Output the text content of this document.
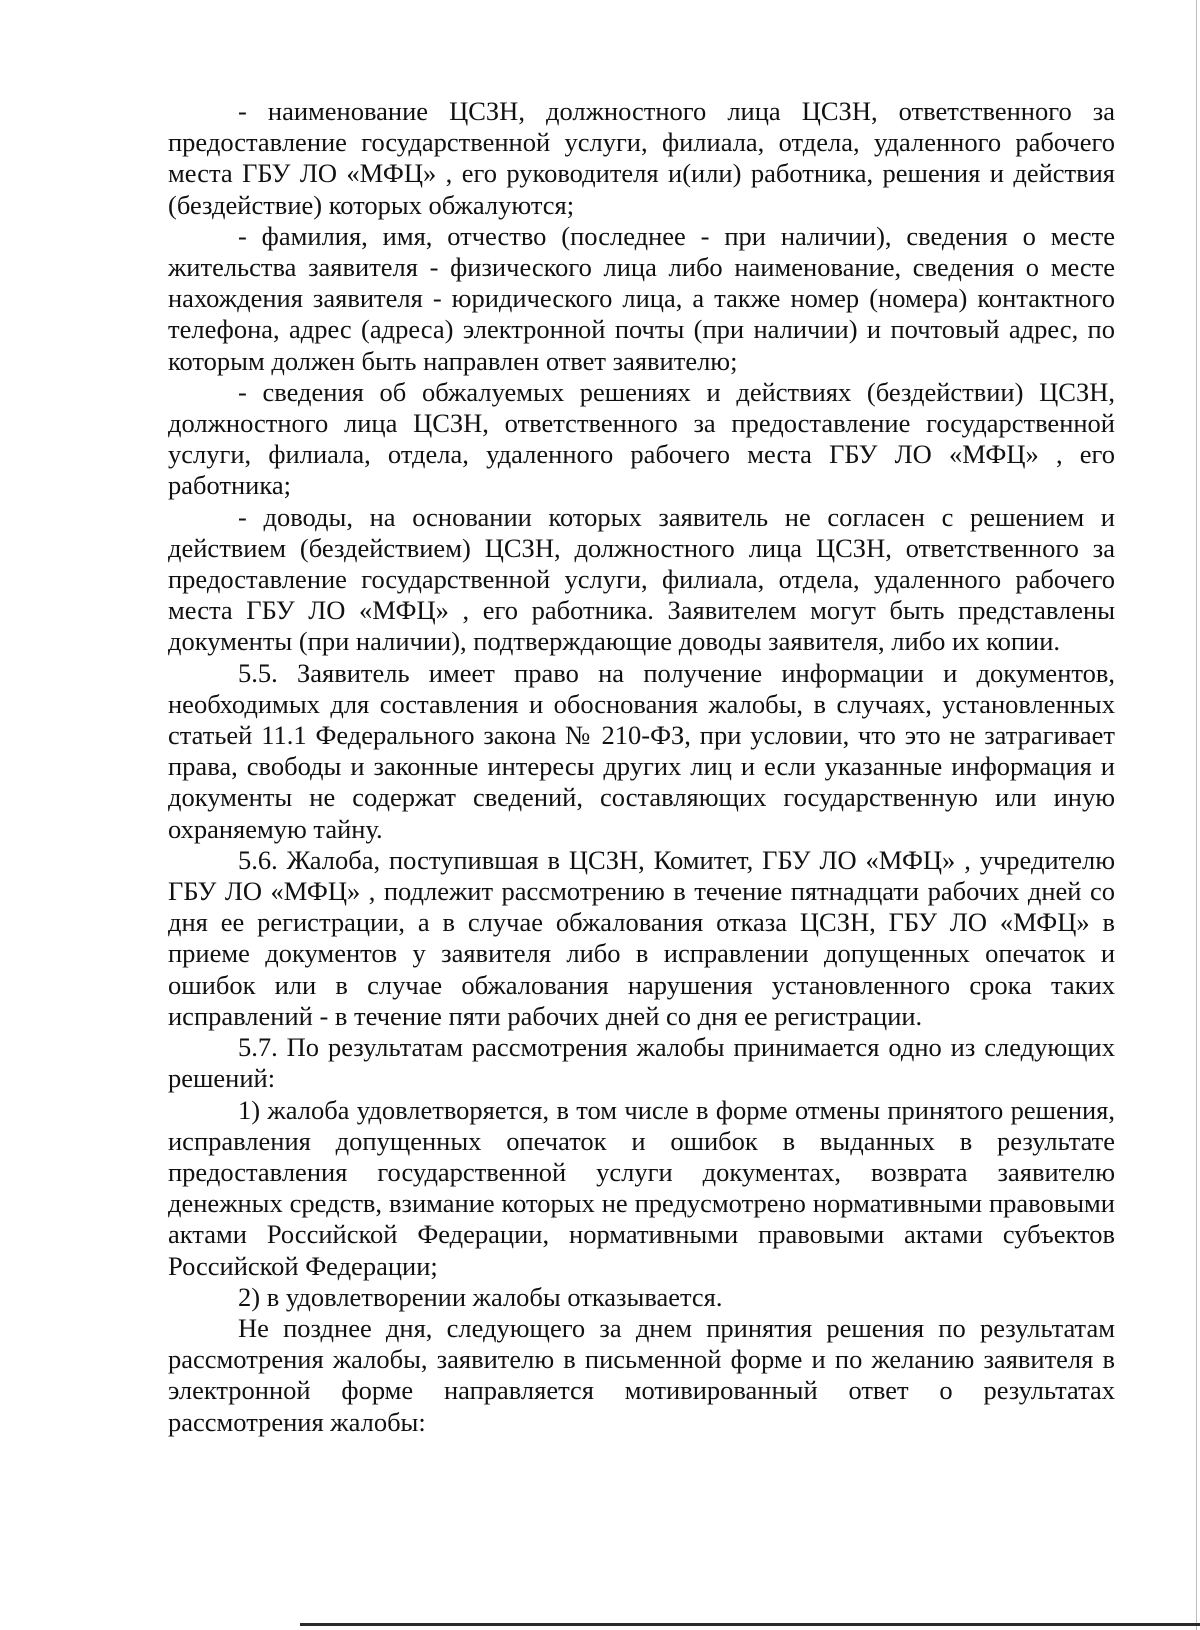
- наименование ЦСЗН, должностного лица ЦСЗН, ответственного за предоставление государственной услуги, филиала, отдела, удаленного рабочего места ГБУ ЛО «МФЦ» , его руководителя и(или) работника, решения и действия (бездействие) которых обжалуются;

- фамилия, имя, отчество (последнее - при наличии), сведения о месте жительства заявителя - физического лица либо наименование, сведения о месте нахождения заявителя - юридического лица, а также номер (номера) контактного телефона, адрес (адреса) электронной почты (при наличии) и почтовый адрес, по которым должен быть направлен ответ заявителю;

- сведения об обжалуемых решениях и действиях (бездействии) ЦСЗН, должностного лица ЦСЗН, ответственного за предоставление государственной услуги, филиала, отдела, удаленного рабочего места ГБУ ЛО «МФЦ» , его работника;

- доводы, на основании которых заявитель не согласен с решением и действием (бездействием) ЦСЗН, должностного лица ЦСЗН, ответственного за предоставление государственной услуги, филиала, отдела, удаленного рабочего места ГБУ ЛО «МФЦ» , его работника. Заявителем могут быть представлены документы (при наличии), подтверждающие доводы заявителя, либо их копии.

5.5. Заявитель имеет право на получение информации и документов, необходимых для составления и обоснования жалобы, в случаях, установленных статьей 11.1 Федерального закона № 210-ФЗ, при условии, что это не затрагивает права, свободы и законные интересы других лиц и если указанные информация и документы не содержат сведений, составляющих государственную или иную охраняемую тайну.

5.6. Жалоба, поступившая в ЦСЗН, Комитет, ГБУ ЛО «МФЦ» , учредителю ГБУ ЛО «МФЦ» , подлежит рассмотрению в течение пятнадцати рабочих дней со дня ее регистрации, а в случае обжалования отказа ЦСЗН, ГБУ ЛО «МФЦ» в приеме документов у заявителя либо в исправлении допущенных опечаток и ошибок или в случае обжалования нарушения установленного срока таких исправлений - в течение пяти рабочих дней со дня ее регистрации.

5.7. По результатам рассмотрения жалобы принимается одно из следующих решений:

1) жалоба удовлетворяется, в том числе в форме отмены принятого решения, исправления допущенных опечаток и ошибок в выданных в результате предоставления государственной услуги документах, возврата заявителю денежных средств, взимание которых не предусмотрено нормативными правовыми актами Российской Федерации, нормативными правовыми актами субъектов Российской Федерации;

2) в удовлетворении жалобы отказывается.

Не позднее дня, следующего за днем принятия решения по результатам рассмотрения жалобы, заявителю в письменной форме и по желанию заявителя в электронной форме направляется мотивированный ответ о результатах рассмотрения жалобы:
